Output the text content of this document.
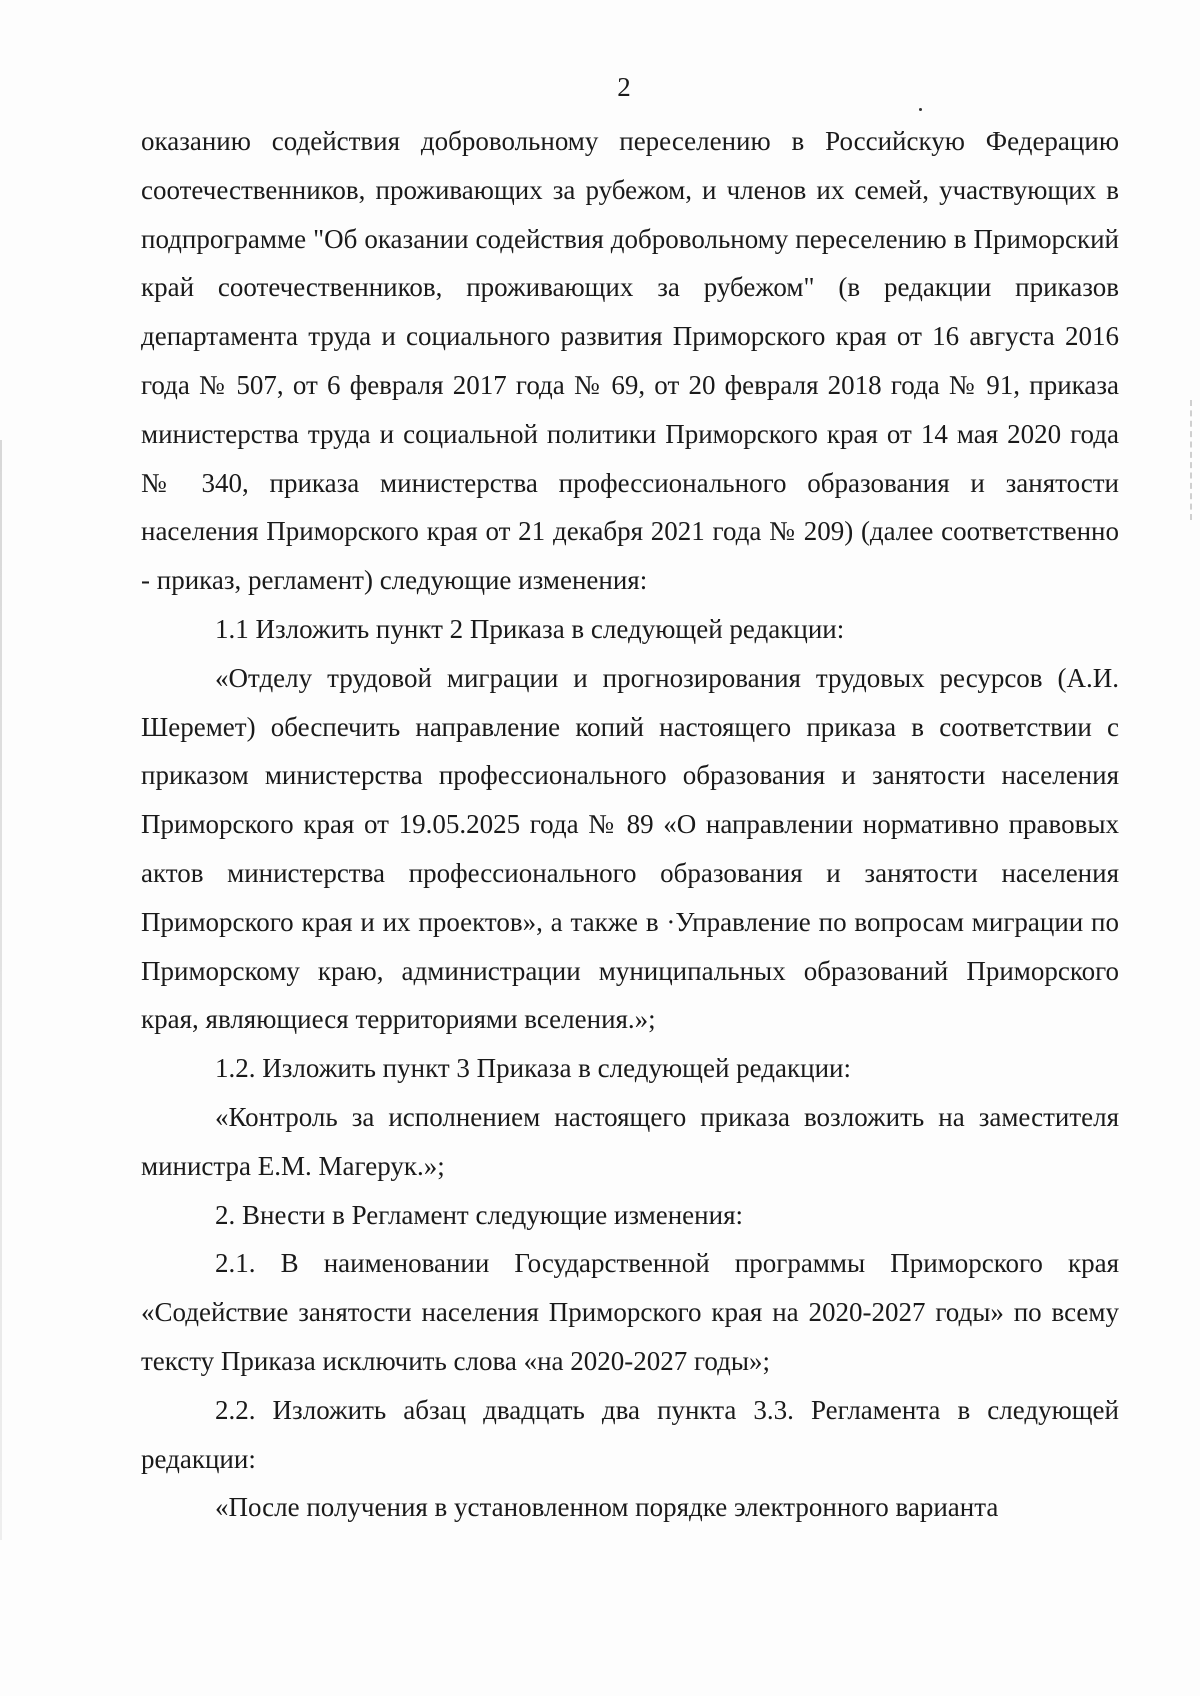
2

оказанию содействия добровольному переселению в Российскую Федерацию соотечественников, проживающих за рубежом, и членов их семей, участвующих в подпрограмме "Об оказании содействия добровольному переселению в Приморский край соотечественников, проживающих за рубежом" (в редакции приказов департамента труда и социального развития Приморского края от 16 августа 2016 года № 507, от 6 февраля 2017 года № 69, от 20 февраля 2018 года № 91, приказа министерства труда и социальной политики Приморского края от 14 мая 2020 года № 340, приказа министерства профессионального образования и занятости населения Приморского края от 21 декабря 2021 года № 209) (далее соответственно - приказ, регламент) следующие изменения:

1.1 Изложить пункт 2 Приказа в следующей редакции:

«Отделу трудовой миграции и прогнозирования трудовых ресурсов (А.И. Шеремет) обеспечить направление копий настоящего приказа в соответствии с приказом министерства профессионального образования и занятости населения Приморского края от 19.05.2025 года № 89 «О направлении нормативно правовых актов министерства профессионального образования и занятости населения Приморского края и их проектов», а также в ·Управление по вопросам миграции по Приморскому краю, администрации муниципальных образований Приморского края, являющиеся территориями вселения.»;

1.2. Изложить пункт 3 Приказа в следующей редакции:

«Контроль за исполнением настоящего приказа возложить на заместителя министра Е.М. Магерук.»;

2. Внести в Регламент следующие изменения:

2.1. В наименовании Государственной программы Приморского края «Содействие занятости населения Приморского края на 2020-2027 годы» по всему тексту Приказа исключить слова «на 2020-2027 годы»;

2.2. Изложить абзац двадцать два пункта 3.3. Регламента в следующей редакции:

«После получения в установленном порядке электронного варианта
